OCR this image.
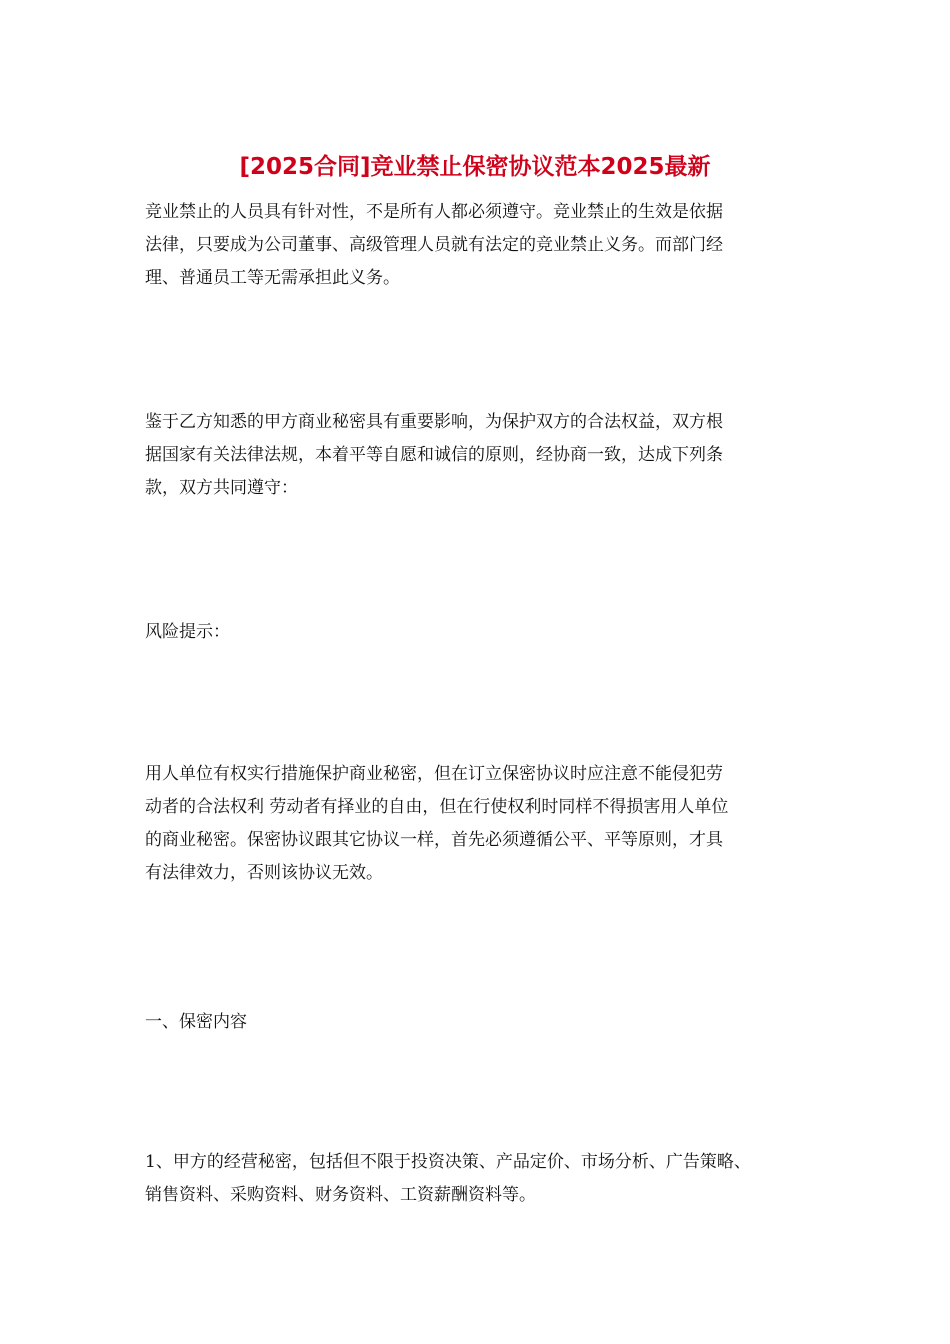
[2025合同]竞业禁止保密协议范本2025最新

竞业禁止的人员具有针对性，不是所有人都必须遵守。竞业禁止的生效是依据
法律，只要成为公司董事、高级管理人员就有法定的竞业禁止义务。而部门经
理、普通员工等无需承担此义务。

鉴于乙方知悉的甲方商业秘密具有重要影响，为保护双方的合法权益，双方根
据国家有关法律法规，本着平等自愿和诚信的原则，经协商一致，达成下列条
款，双方共同遵守：

风险提示：

用人单位有权实行措施保护商业秘密，但在订立保密协议时应注意不能侵犯劳
动者的合法权利 劳动者有择业的自由，但在行使权利时同样不得损害用人单位
的商业秘密。保密协议跟其它协议一样，首先必须遵循公平、平等原则，才具
有法律效力，否则该协议无效。

一、保密内容

1、甲方的经营秘密，包括但不限于投资决策、产品定价、市场分析、广告策略、
销售资料、采购资料、财务资料、工资薪酬资料等。
